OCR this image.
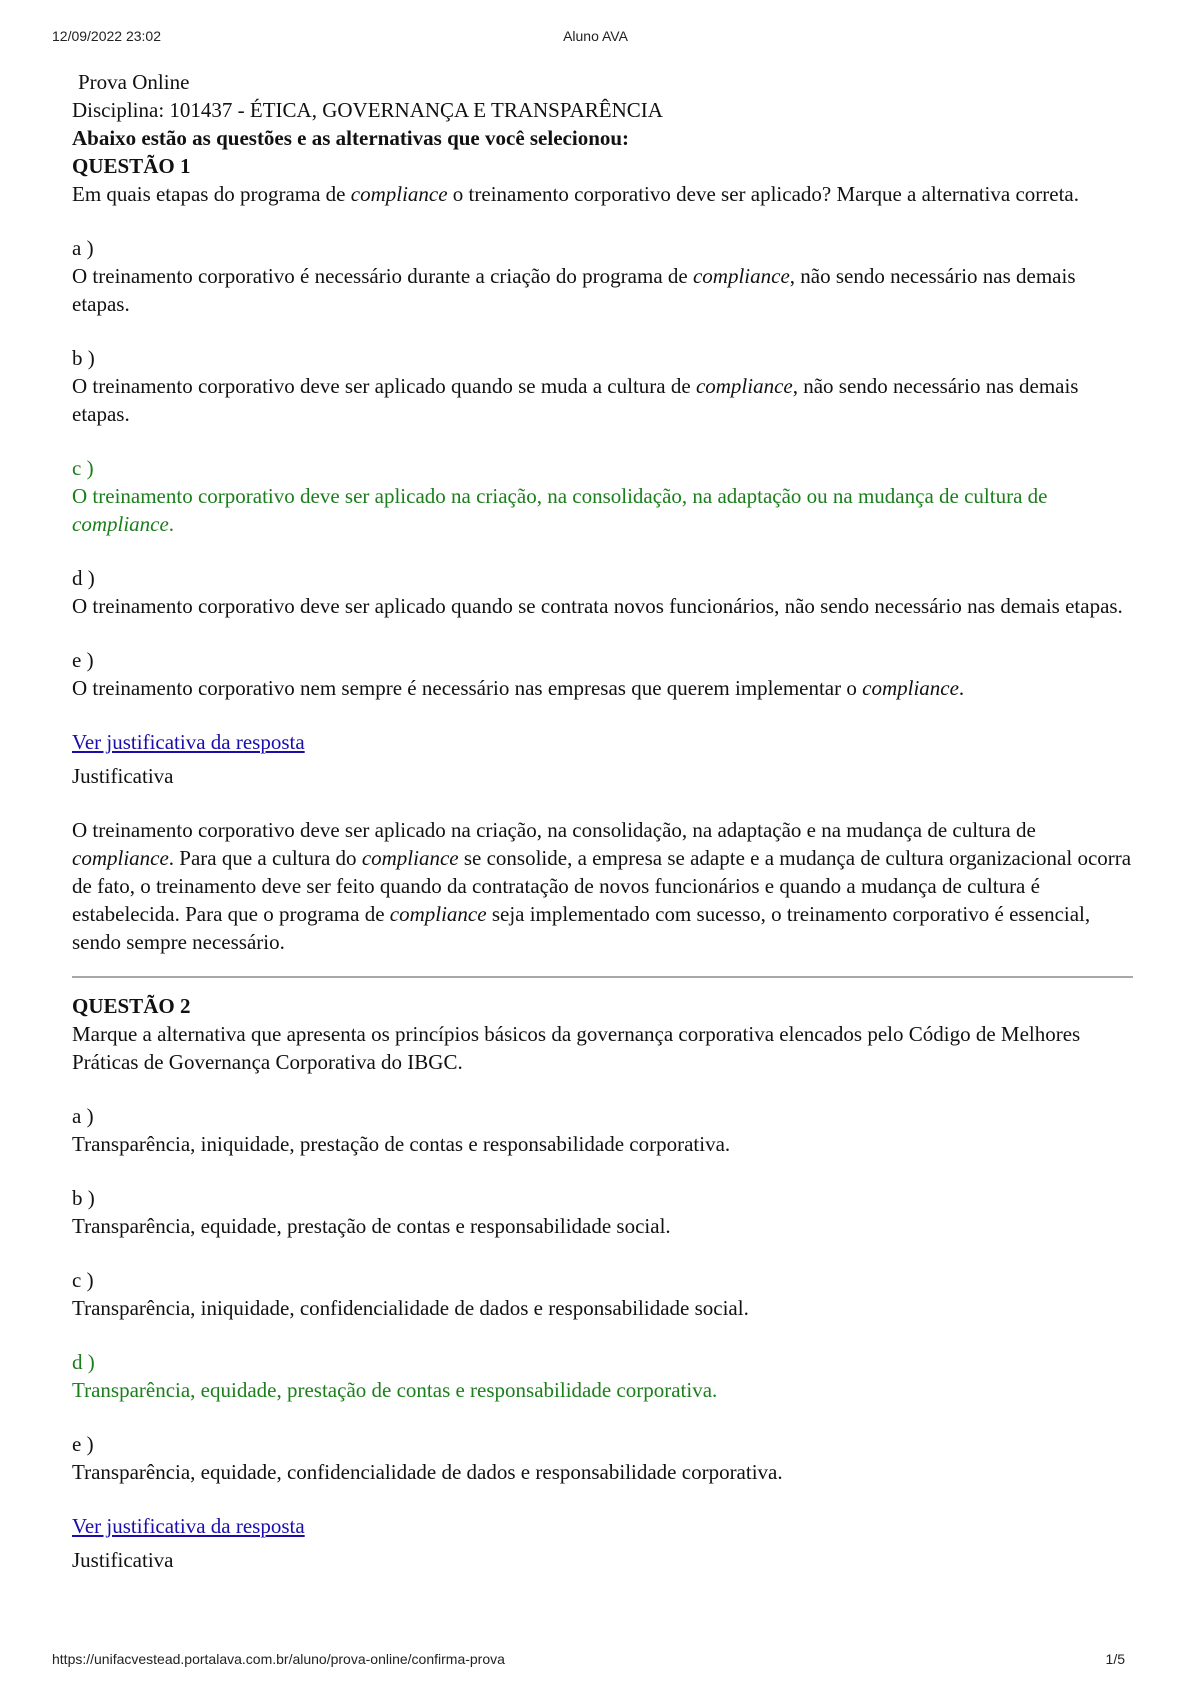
12/09/2022 23:02	Aluno AVA

Prova Online

Disciplina: 101437 - ÉTICA, GOVERNANÇA E TRANSPARÊNCIA

Abaixo estão as questões e as alternativas que você selecionou:

QUESTÃO 1

Em quais etapas do programa de compliance o treinamento corporativo deve ser aplicado? Marque a alternativa correta.

a )

O treinamento corporativo é necessário durante a criação do programa de compliance, não sendo necessário nas demais etapas.

b )

O treinamento corporativo deve ser aplicado quando se muda a cultura de compliance, não sendo necessário nas demais etapas.

c )

O treinamento corporativo deve ser aplicado na criação, na consolidação, na adaptação ou na mudança de cultura de compliance.

d )

O treinamento corporativo deve ser aplicado quando se contrata novos funcionários, não sendo necessário nas demais etapas.

e )

O treinamento corporativo nem sempre é necessário nas empresas que querem implementar o compliance.

Ver justificativa da resposta

Justificativa

O treinamento corporativo deve ser aplicado na criação, na consolidação, na adaptação e na mudança de cultura de compliance. Para que a cultura do compliance se consolide, a empresa se adapte e a mudança de cultura organizacional ocorra de fato, o treinamento deve ser feito quando da contratação de novos funcionários e quando a mudança de cultura é estabelecida. Para que o programa de compliance seja implementado com sucesso, o treinamento corporativo é essencial, sendo sempre necessário.

QUESTÃO 2

Marque a alternativa que apresenta os princípios básicos da governança corporativa elencados pelo Código de Melhores Práticas de Governança Corporativa do IBGC.

a )

Transparência, iniquidade, prestação de contas e responsabilidade corporativa.

b )

Transparência, equidade, prestação de contas e responsabilidade social.

c )

Transparência, iniquidade, confidencialidade de dados e responsabilidade social.

d )

Transparência, equidade, prestação de contas e responsabilidade corporativa.

e )

Transparência, equidade, confidencialidade de dados e responsabilidade corporativa.

Ver justificativa da resposta

Justificativa

https://unifacvestead.portalava.com.br/aluno/prova-online/confirma-prova	1/5
